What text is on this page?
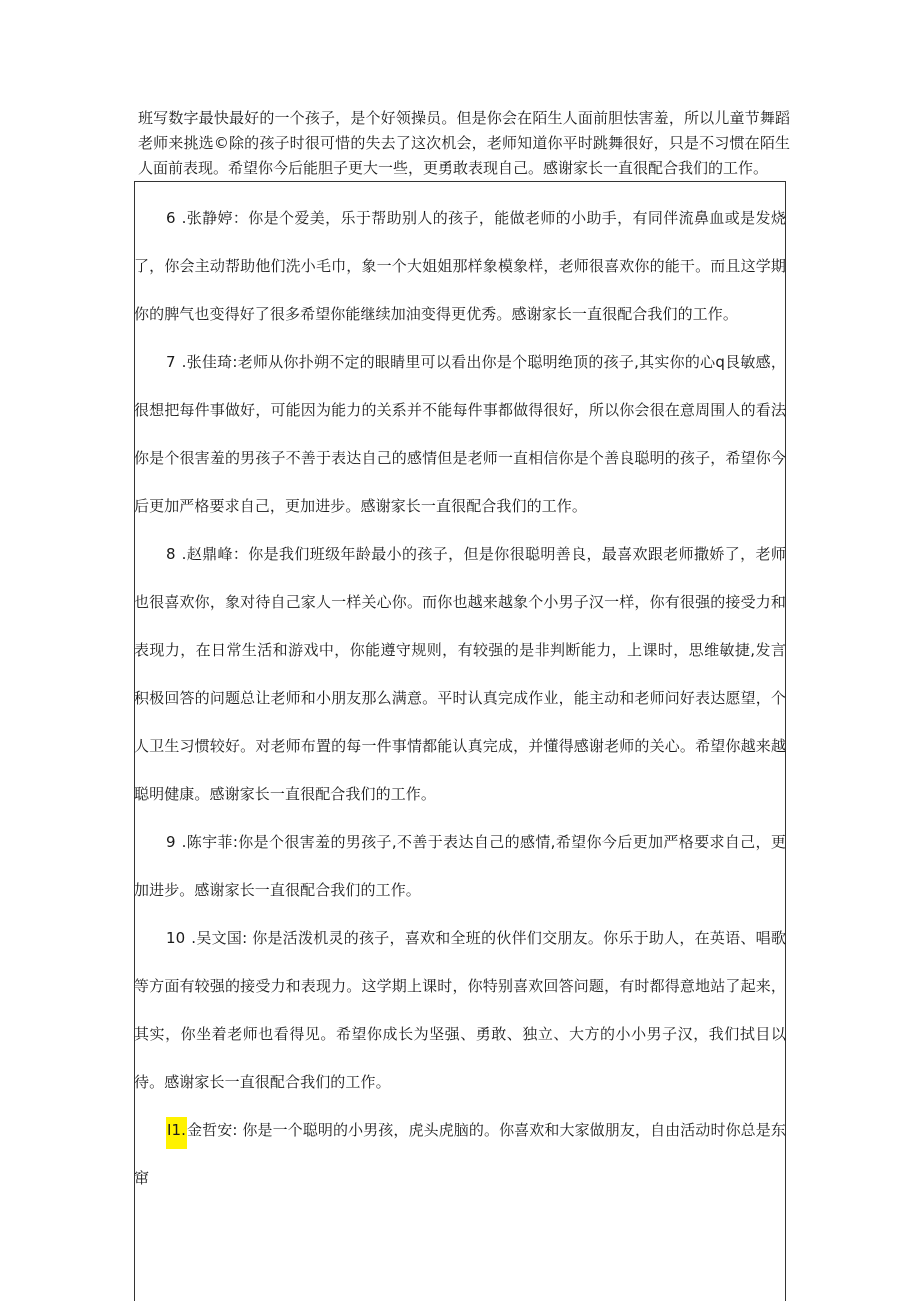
班写数字最快最好的一个孩子，是个好领操员。但是你会在陌生人面前胆怯害羞，所以儿童节舞蹈老师来挑选©除的孩子时很可惜的失去了这次机会，老师知道你平时跳舞很好，只是不习惯在陌生人面前表现。希望你今后能胆子更大一些，更勇敢表现自己。感谢家长一直很配合我们的工作。

6 .张静婷：你是个爱美，乐于帮助别人的孩子，能做老师的小助手，有同伴流鼻血或是发烧了，你会主动帮助他们洗小毛巾，象一个大姐姐那样象模象样，老师很喜欢你的能干。而且这学期你的脾气也变得好了很多希望你能继续加油变得更优秀。感谢家长一直很配合我们的工作。

7 .张佳琦:老师从你扑朔不定的眼睛里可以看出你是个聪明绝顶的孩子,其实你的心q艮敏感，很想把每件事做好，可能因为能力的关系并不能每件事都做得很好，所以你会很在意周围人的看法你是个很害羞的男孩子不善于表达自己的感情但是老师一直相信你是个善良聪明的孩子，希望你今后更加严格要求自己，更加进步。感谢家长一直很配合我们的工作。

8 .赵鼎峰：你是我们班级年龄最小的孩子，但是你很聪明善良，最喜欢跟老师撒娇了，老师也很喜欢你，象对待自己家人一样关心你。而你也越来越象个小男子汉一样，你有很强的接受力和表现力，在日常生活和游戏中，你能遵守规则，有较强的是非判断能力，上课时，思维敏捷,发言积极回答的问题总让老师和小朋友那么满意。平时认真完成作业，能主动和老师问好表达愿望，个人卫生习惯较好。对老师布置的每一件事情都能认真完成，并懂得感谢老师的关心。希望你越来越聪明健康。感谢家长一直很配合我们的工作。

9 .陈宇菲:你是个很害羞的男孩子,不善于表达自己的感情,希望你今后更加严格要求自己，更加进步。感谢家长一直很配合我们的工作。

10 .吴文国: 你是活泼机灵的孩子，喜欢和全班的伙伴们交朋友。你乐于助人，在英语、唱歌等方面有较强的接受力和表现力。这学期上课时，你特别喜欢回答问题，有时都得意地站了起来，其实，你坐着老师也看得见。希望你成长为坚强、勇敢、独立、大方的小小男子汉，我们拭目以待。感谢家长一直很配合我们的工作。

I1.金哲安: 你是一个聪明的小男孩，虎头虎脑的。你喜欢和大家做朋友，自由活动时你总是东窜
